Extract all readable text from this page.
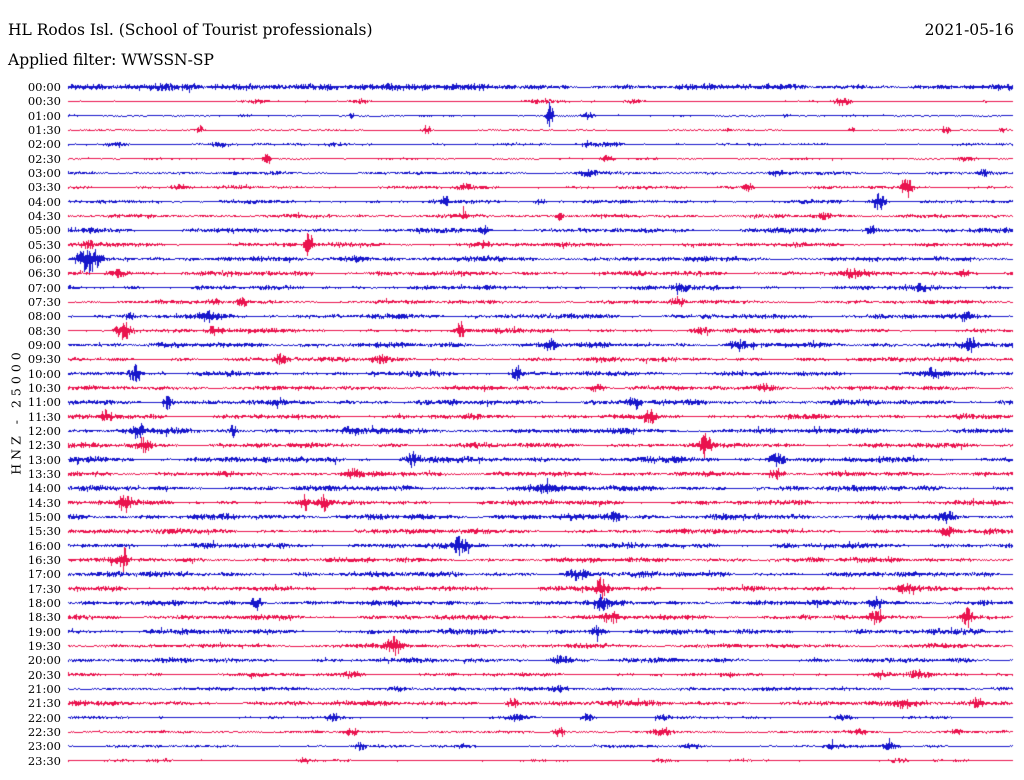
HL Rodos Isl. (School of Tourist professionals)	2021-05-16
Applied filter: WWSSN-SP
HNZ - 25000
00:00
00:30
01:00
01:30
02:00
02:30
03:00
03:30
04:00
04:30
05:00
05:30
06:00
06:30
07:00
07:30
08:00
08:30
09:00
09:30
10:00
10:30
11:00
11:30
12:00
12:30
13:00
13:30
14:00
14:30
15:00
15:30
16:00
16:30
17:00
17:30
18:00
18:30
19:00
19:30
20:00
20:30
21:00
21:30
22:00
22:30
23:00
23:30
